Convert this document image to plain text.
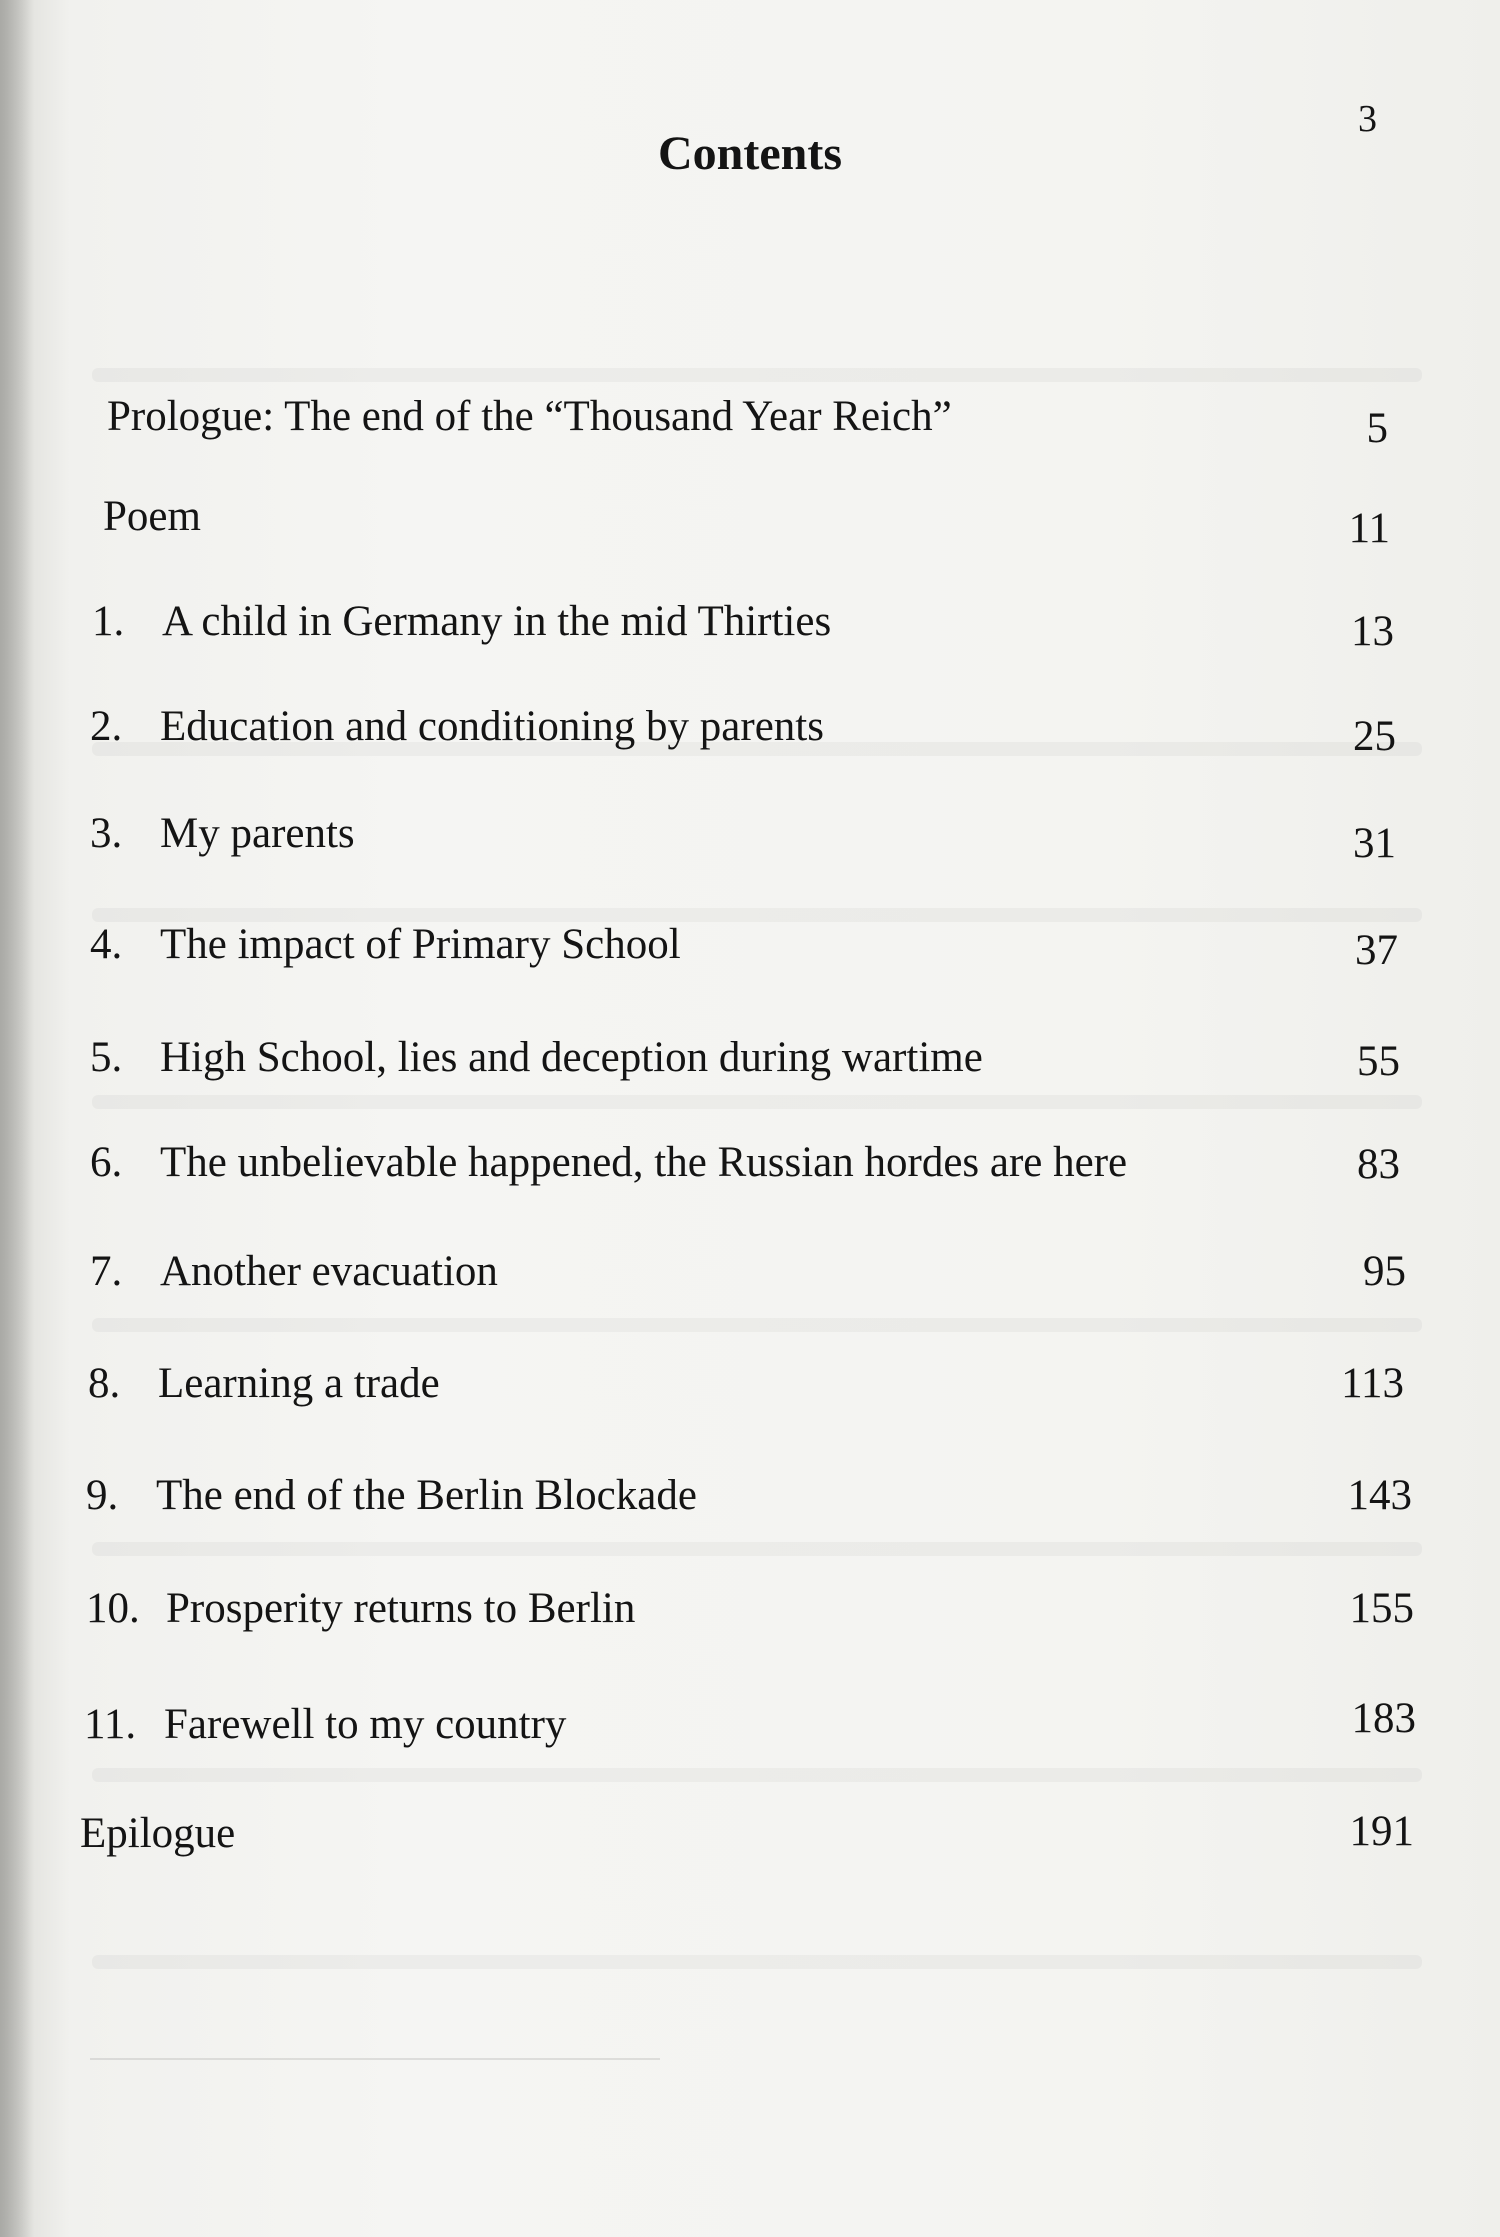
3
Contents
Prologue: The end of the “Thousand Year Reich”	5
Poem	11
1. A child in Germany in the mid Thirties	13
2. Education and conditioning by parents	25
3. My parents	31
4. The impact of Primary School	37
5. High School, lies and deception during wartime	55
6. The unbelievable happened, the Russian hordes are here	83
7. Another evacuation	95
8. Learning a trade	113
9. The end of the Berlin Blockade	143
10. Prosperity returns to Berlin	155
11. Farewell to my country	183
Epilogue	191
